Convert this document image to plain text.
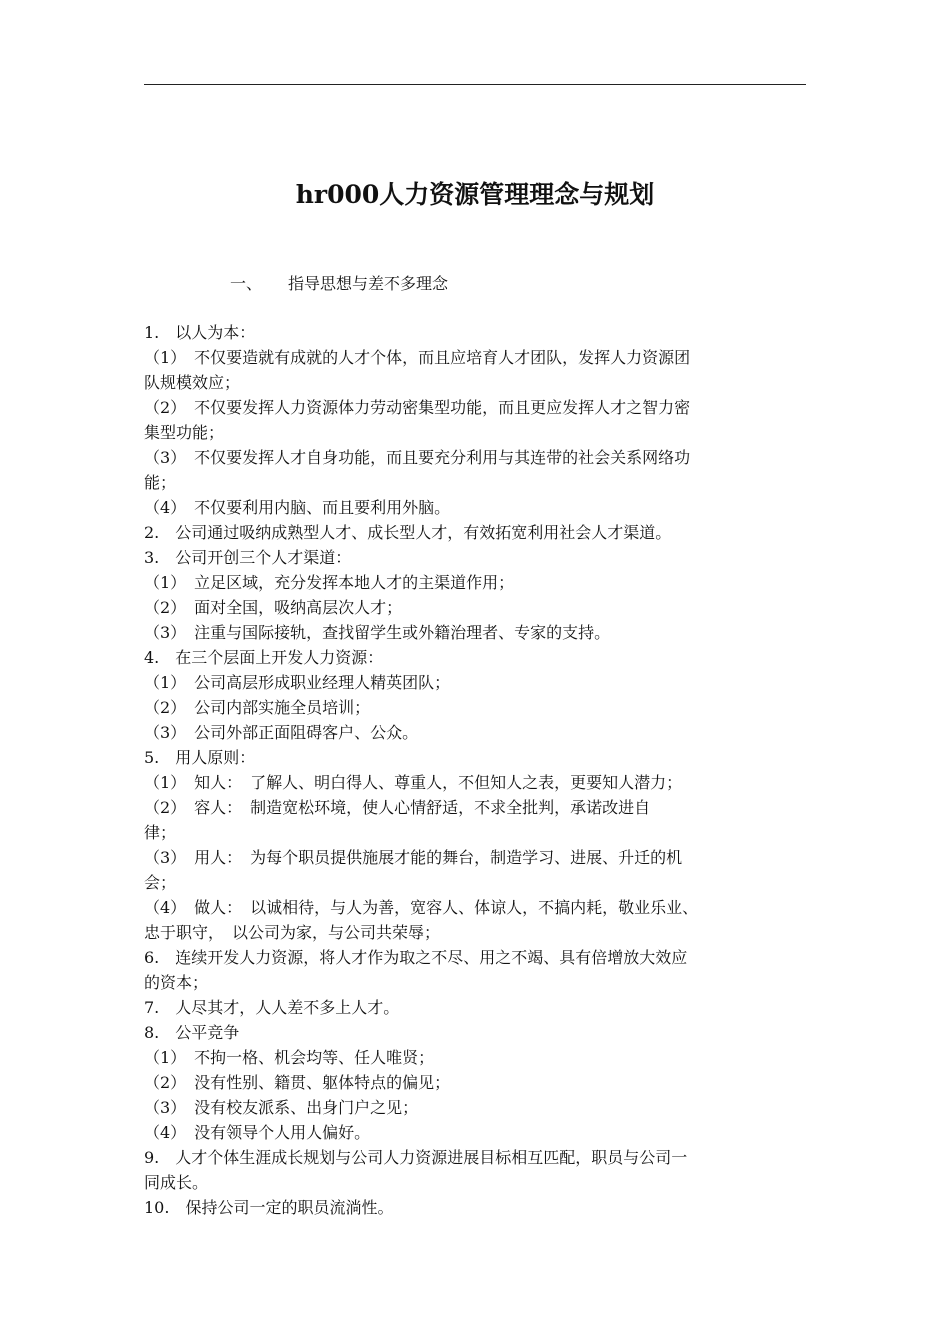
hr000人力资源管理理念与规划
一、 指导思想与差不多理念
1.　以人为本：
（1）　不仅要造就有成就的人才个体，而且应培育人才团队，发挥人力资源团
队规模效应；
（2）　不仅要发挥人力资源体力劳动密集型功能，而且更应发挥人才之智力密
集型功能；
（3）　不仅要发挥人才自身功能，而且要充分利用与其连带的社会关系网络功
能；
（4）　不仅要利用内脑、而且要利用外脑。
2.　公司通过吸纳成熟型人才、成长型人才，有效拓宽利用社会人才渠道。
3.　公司开创三个人才渠道：
（1）　立足区域，充分发挥本地人才的主渠道作用；
（2）　面对全国，吸纳高层次人才；
（3）　注重与国际接轨，查找留学生或外籍治理者、专家的支持。
4.　在三个层面上开发人力资源：
（1）　公司高层形成职业经理人精英团队；
（2）　公司内部实施全员培训；
（3）　公司外部正面阻碍客户、公众。
5.　用人原则：
（1）　知人：　了解人、明白得人、尊重人，不但知人之表，更要知人潜力；
（2）　容人：　制造宽松环境，使人心情舒适，不求全批判，承诺改进自
律；
（3）　用人：　为每个职员提供施展才能的舞台，制造学习、进展、升迁的机
会；
（4）　做人：　以诚相待，与人为善，宽容人、体谅人，不搞内耗，敬业乐业、
忠于职守，　以公司为家，与公司共荣辱；
6.　连续开发人力资源，将人才作为取之不尽、用之不竭、具有倍增放大效应
的资本；
7.　人尽其才，人人差不多上人才。
8.　公平竞争
（1）　不拘一格、机会均等、任人唯贤；
（2）　没有性别、籍贯、躯体特点的偏见；
（3）　没有校友派系、出身门户之见；
（4）　没有领导个人用人偏好。
9.　人才个体生涯成长规划与公司人力资源进展目标相互匹配，职员与公司一
同成长。
10.　保持公司一定的职员流淌性。
